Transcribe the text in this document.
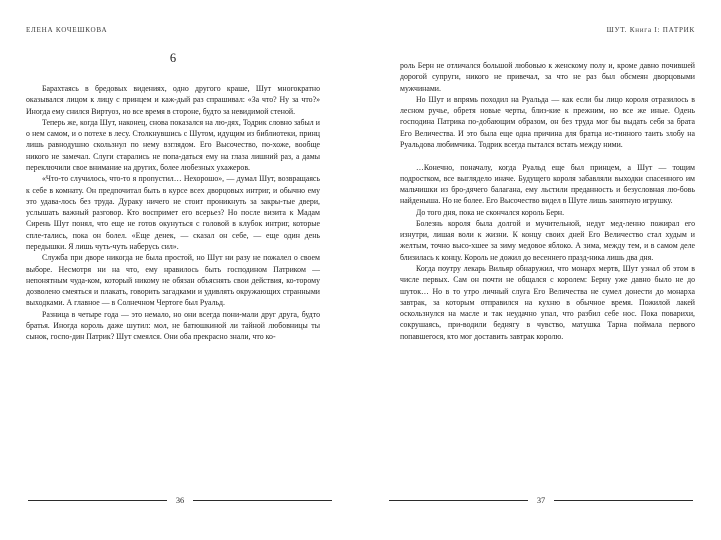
ЕЛЕНА КОЧЕШКОВА
6

Барахтаясь в бредовых видениях, одно другого краше, Шут многократно оказывался лицом к лицу с принцем и каж-дый раз спрашивал: «За что? Ну за что?» Иногда ему снился Виртуоз, но все время в стороне, будто за невидимой стеной.

Теперь же, когда Шут, наконец, снова показался на лю-дях, Тодрик словно забыл и о нем самом, и о потехе в лесу. Столкнувшись с Шутом, идущим из библиотеки, принц лишь равнодушно скользнул по нему взглядом. Его Высочество, по-хоже, вообще никого не замечал. Слуги старались не попа-даться ему на глаза лишний раз, а дамы переключили свое внимание на других, более любезных ухажеров.

«Что-то случилось, что-то я пропустил… Нехорошо», — думал Шут, возвращаясь к себе в комнату. Он предпочитал быть в курсе всех дворцовых интриг, и обычно ему это удава-лось без труда. Дураку ничего не стоит проникнуть за закры-тые двери, услышать важный разговор. Кто воспримет его всерьез? Но после визита к Мадам Сирень Шут понял, что еще не готов окунуться с головой в клубок интриг, которые спле-тались, пока он болел. «Еще денек, — сказал он себе, — еще один день передышки. Я лишь чуть-чуть наберусь сил».

Служба при дворе никогда не была простой, но Шут ни разу не пожалел о своем выборе. Несмотря ни на что, ему нравилось быть господином Патриком — непонятным чуда-ком, который никому не обязан объяснять свои действия, ко-торому дозволено смеяться и плакать, говорить загадками и удивлять окружающих странными выходками. А главное — в Солнечном Чертоге был Руальд.

Разница в четыре года — это немало, но они всегда пони-мали друг друга, будто братья. Иногда король даже шутил: мол, не батюшкиной ли тайной любовницы ты сынок, госпо-дин Патрик? Шут смеялся. Они оба прекрасно знали, что ко-

36
ШУТ. Книга I: ПАТРИК

роль Берн не отличался большой любовью к женскому полу и, кроме давно почившей дорогой супруги, никого не привечал, за что не раз был обсмеян дворцовыми мужчинами.

Но Шут и впрямь походил на Руальда — как если бы лицо короля отразилось в лесном ручье, обретя новые черты, близ-кие к прежним, но все же иные. Одень господина Патрика по-добающим образом, он без труда мог бы выдать себя за брата Его Величества. И это была еще одна причина для братца ис-тинного таить злобу на Руальдова любимчика. Тодрик всегда пытался встать между ними.

…Конечно, поначалу, когда Руальд еще был принцем, а Шут — тощим подростком, все выглядело иначе. Будущего короля забавляли выходки спасенного им мальчишки из бро-дячего балагана, ему льстили преданность и безусловная лю-бовь найденыша. Но не более. Его Высочество видел в Шуте лишь занятную игрушку.

До того дня, пока не скончался король Берн.

Болезнь короля была долгой и мучительной, недуг мед-ленно пожирал его изнутри, лишая воли к жизни. К концу своих дней Его Величество стал худым и желтым, точно высо-хшее за зиму медовое яблоко. А зима, между тем, и в самом деле близилась к концу. Король не дожил до весеннего празд-ника лишь два дня.

Когда поутру лекарь Вильяр обнаружил, что монарх мертв, Шут узнал об этом в числе первых. Сам он почти не общался с королем: Берну уже давно было не до шуток… Но в то утро личный слуга Его Величества не сумел донести до монарха завтрак, за которым отправился на кухню в обычное время. Пожилой лакей оскользнулся на масле и так неудачно упал, что разбил себе нос. Пока поварихи, сокрушаясь, при-водили беднягу в чувство, матушка Тарна поймала первого попавшегося, кто мог доставить завтрак королю.

37
